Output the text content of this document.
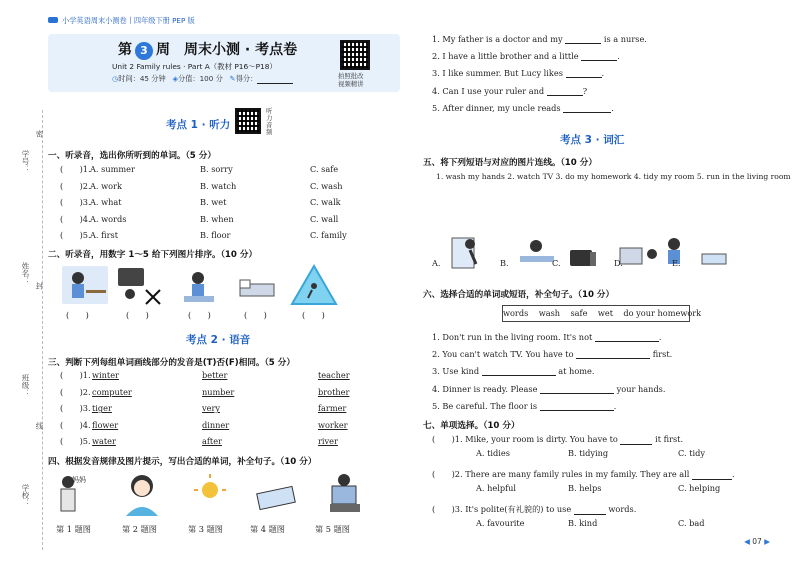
小学英语周末小测卷丨四年级下册 PEP 版
学号：
姓名：
班级：
学校：
密
封
线
第 3 周　周末小测 · 考点卷
Unit 2 Family rules · Part A（教材 P16～P18）
◷时间：45 分钟 ◈分值：100 分 ✎得分：	拍照批改
视频精讲
考点 1 · 听力
听
力
音
频
一、听录音，选出你所听到的单词。（5 分）
(　　)1. A. summer	B. sorry	C. safe
(　　)2. A. work	B. watch	C. wash
(　　)3. A. what	B. wet	C. walk
(　　)4. A. words	B. when	C. wall
(　　)5. A. first	B. floor	C. family
二、听录音，用数字 1～5 给下列图片排序。（10 分）
(　　)	(　　)	(　　)	(　　)	(　　)
考点 2 · 语音
三、判断下列每组单词画线部分的发音是(T)否(F)相同。（5 分）
(　　)1. winter	better	teacher
(　　)2. computer	number	brother
(　　)3. tiger	very	farmer
(　　)4. flower	dinner	worker
(　　)5. water	after	river
四、根据发音规律及图片提示，写出合适的单词，补全句子。（10 分）
妈妈
第 1 题图	第 2 题图	第 3 题图	第 4 题图	第 5 题图
1. My father is a doctor and my	is a nurse.
2. I have a little brother and a little	.
3. I like summer. But Lucy likes	.
4. Can I use your ruler and	?
5. After dinner, my uncle reads	.
考点 3 · 词汇
五、将下列短语与对应的图片连线。（10 分）
1. wash my hands 2. watch TV 3. do my homework 4. tidy my room 5. run in the living room
A.	B.	C.	D.	E.
六、选择合适的单词或短语，补全句子。（10 分）
words    wash    safe    wet    do your homework
1. Don't run in the living room. It's not	.
2. You can't watch TV. You have to	first.
3. Use kind	at home.
4. Dinner is ready. Please	your hands.
5. Be careful. The floor is	.
七、单项选择。（10 分）
(　　)1. Mike, your room is dirty. You have to	it first.
A. tidies	B. tidying	C. tidy
(　　)2. There are many family rules in my family. They are all	.
A. helpful	B. helps	C. helping
(　　)3. It's polite(有礼貌的) to use	words.
A. favourite	B. kind	C. bad
◀ 07 ▶
